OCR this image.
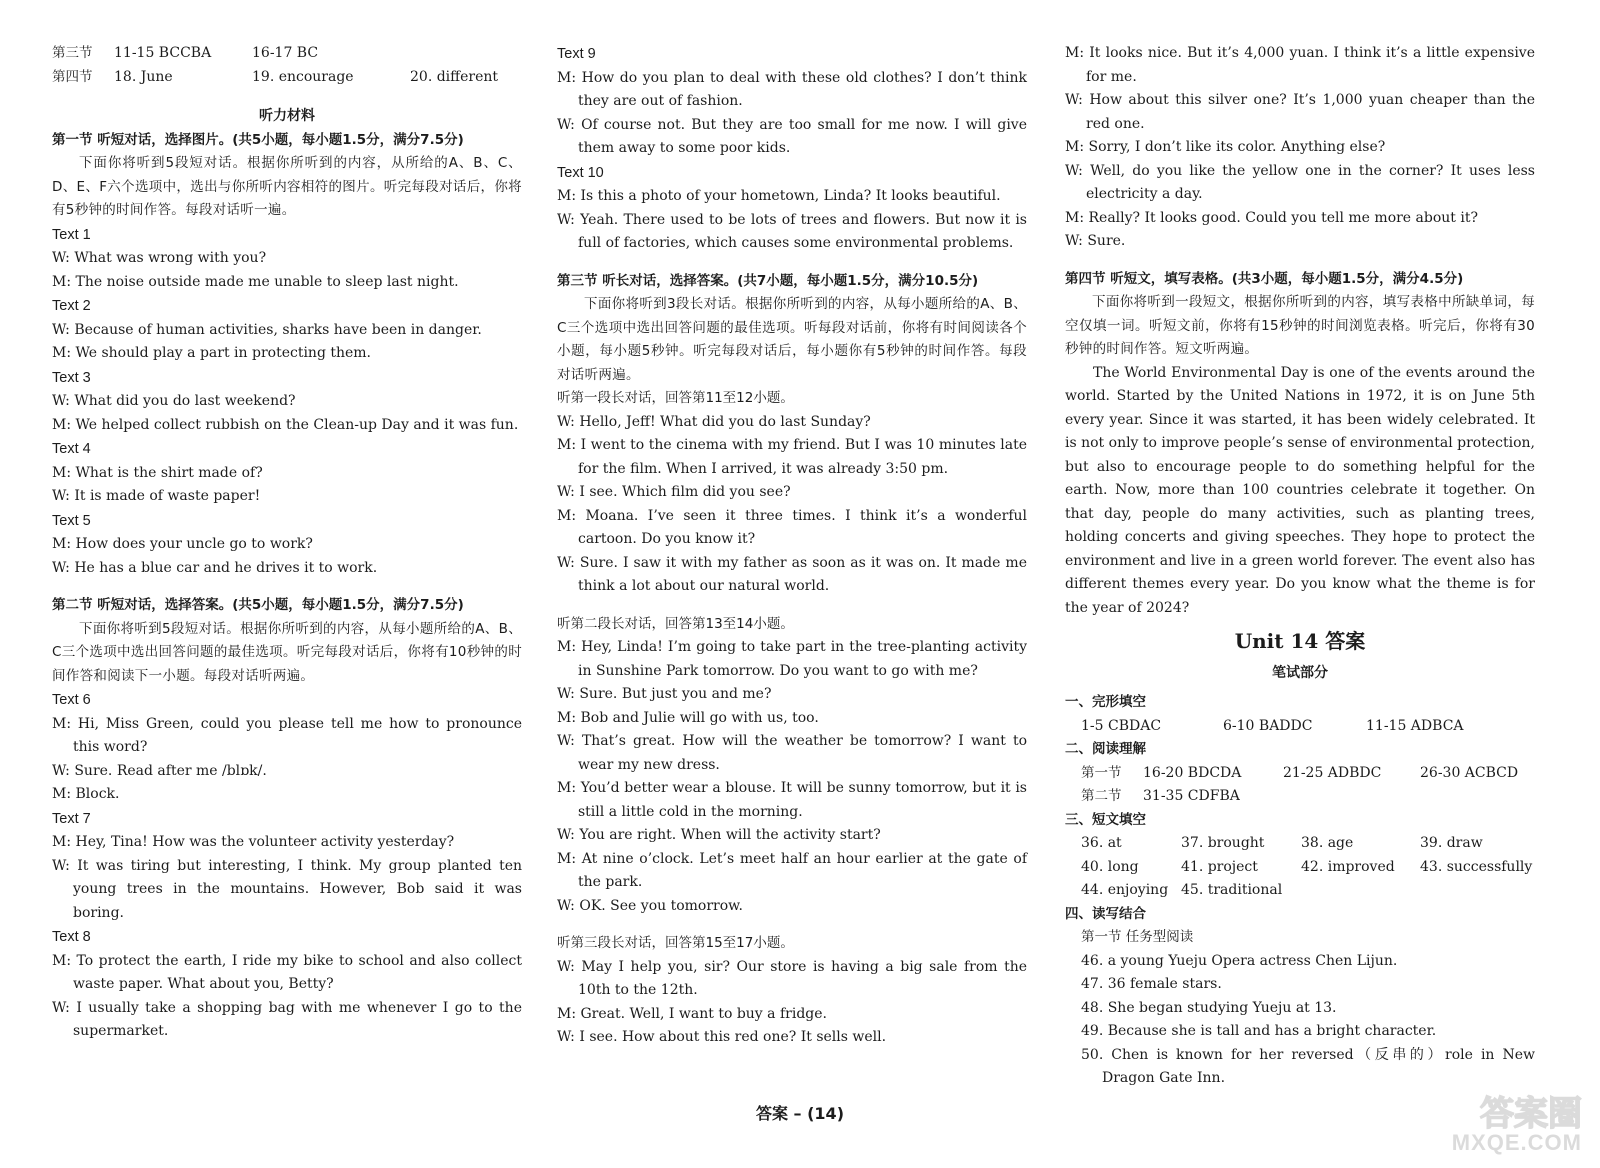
第三节	11-15 BCCBA	16-17 BC
第四节	18. June	19. encourage	20. different
听力材料
第一节 听短对话，选择图片。(共5小题，每小题1.5分，满分7.5分)
下面你将听到5段短对话。根据你所听到的内容，从所给的A、B、C、D、E、F六个选项中，选出与你所听内容相符的图片。听完每段对话后，你将有5秒钟的时间作答。每段对话听一遍。
Text 1
W: What was wrong with you?
M: The noise outside made me unable to sleep last night.
Text 2
W: Because of human activities, sharks have been in danger.
M: We should play a part in protecting them.
Text 3
W: What did you do last weekend?
M: We helped collect rubbish on the Clean-up Day and it was fun.
Text 4
M: What is the shirt made of?
W: It is made of waste paper!
Text 5
M: How does your uncle go to work?
W: He has a blue car and he drives it to work.
第二节 听短对话，选择答案。(共5小题，每小题1.5分，满分7.5分)
下面你将听到5段短对话。根据你所听到的内容，从每小题所给的A、B、C三个选项中选出回答问题的最佳选项。听完每段对话后，你将有10秒钟的时间作答和阅读下一小题。每段对话听两遍。
Text 6
M: Hi, Miss Green, could you please tell me how to pronounce this word?
W: Sure. Read after me /blɒk/.
M: Block.
Text 7
M: Hey, Tina! How was the volunteer activity yesterday?
W: It was tiring but interesting, I think. My group planted ten young trees in the mountains. However, Bob said it was boring.
Text 8
M: To protect the earth, I ride my bike to school and also collect waste paper. What about you, Betty?
W: I usually take a shopping bag with me whenever I go to the supermarket.
Text 9
M: How do you plan to deal with these old clothes? I don’t think they are out of fashion.
W: Of course not. But they are too small for me now. I will give them away to some poor kids.
Text 10
M: Is this a photo of your hometown, Linda? It looks beautiful.
W: Yeah. There used to be lots of trees and flowers. But now it is full of factories, which causes some environmental problems.
第三节 听长对话，选择答案。(共7小题，每小题1.5分，满分10.5分)
下面你将听到3段长对话。根据你所听到的内容，从每小题所给的A、B、C三个选项中选出回答问题的最佳选项。听每段对话前，你将有时间阅读各个小题，每小题5秒钟。听完每段对话后，每小题你有5秒钟的时间作答。每段对话听两遍。
听第一段长对话，回答第11至12小题。
W: Hello, Jeff! What did you do last Sunday?
M: I went to the cinema with my friend. But I was 10 minutes late for the film. When I arrived, it was already 3:50 pm.
W: I see. Which film did you see?
M: Moana. I’ve seen it three times. I think it’s a wonderful cartoon. Do you know it?
W: Sure. I saw it with my father as soon as it was on. It made me think a lot about our natural world.
听第二段长对话，回答第13至14小题。
M: Hey, Linda! I’m going to take part in the tree-planting activity in Sunshine Park tomorrow. Do you want to go with me?
W: Sure. But just you and me?
M: Bob and Julie will go with us, too.
W: That’s great. How will the weather be tomorrow? I want to wear my new dress.
M: You’d better wear a blouse. It will be sunny tomorrow, but it is still a little cold in the morning.
W: You are right. When will the activity start?
M: At nine o’clock. Let’s meet half an hour earlier at the gate of the park.
W: OK. See you tomorrow.
听第三段长对话，回答第15至17小题。
W: May I help you, sir? Our store is having a big sale from the 10th to the 12th.
M: Great. Well, I want to buy a fridge.
W: I see. How about this red one? It sells well.
M: It looks nice. But it’s 4,000 yuan. I think it’s a little expensive for me.
W: How about this silver one? It’s 1,000 yuan cheaper than the red one.
M: Sorry, I don’t like its color. Anything else?
W: Well, do you like the yellow one in the corner? It uses less electricity a day.
M: Really? It looks good. Could you tell me more about it?
W: Sure.
第四节 听短文，填写表格。(共3小题，每小题1.5分，满分4.5分)
下面你将听到一段短文，根据你所听到的内容，填写表格中所缺单词，每空仅填一词。听短文前，你将有15秒钟的时间浏览表格。听完后，你将有30秒钟的时间作答。短文听两遍。
The World Environmental Day is one of the events around the world. Started by the United Nations in 1972, it is on June 5th every year. Since it was started, it has been widely celebrated. It is not only to improve people’s sense of environmental protection, but also to encourage people to do something helpful for the earth. Now, more than 100 countries celebrate it together. On that day, people do many activities, such as planting trees, holding concerts and giving speeches. They hope to protect the environment and live in a green world forever. The event also has different themes every year. Do you know what the theme is for the year of 2024?
Unit 14 答案
笔试部分
一、完形填空
1-5 CBDAC	6-10 BADDC	11-15 ADBCA
二、阅读理解
第一节	16-20 BDCDA	21-25 ADBDC	26-30 ACBCD
第二节	31-35 CDFBA
三、短文填空
36. at	37. brought	38. age	39. draw
40. long	41. project	42. improved	43. successfully
44. enjoying 45. traditional
四、读写结合
第一节 任务型阅读
46. a young Yueju Opera actress Chen Lijun.
47. 36 female stars.
48. She began studying Yueju at 13.
49. Because she is tall and has a bright character.
50. Chen is known for her reversed（反串的）role in New Dragon Gate Inn.
答案 – (14)	答案圈
MXQE.COM
